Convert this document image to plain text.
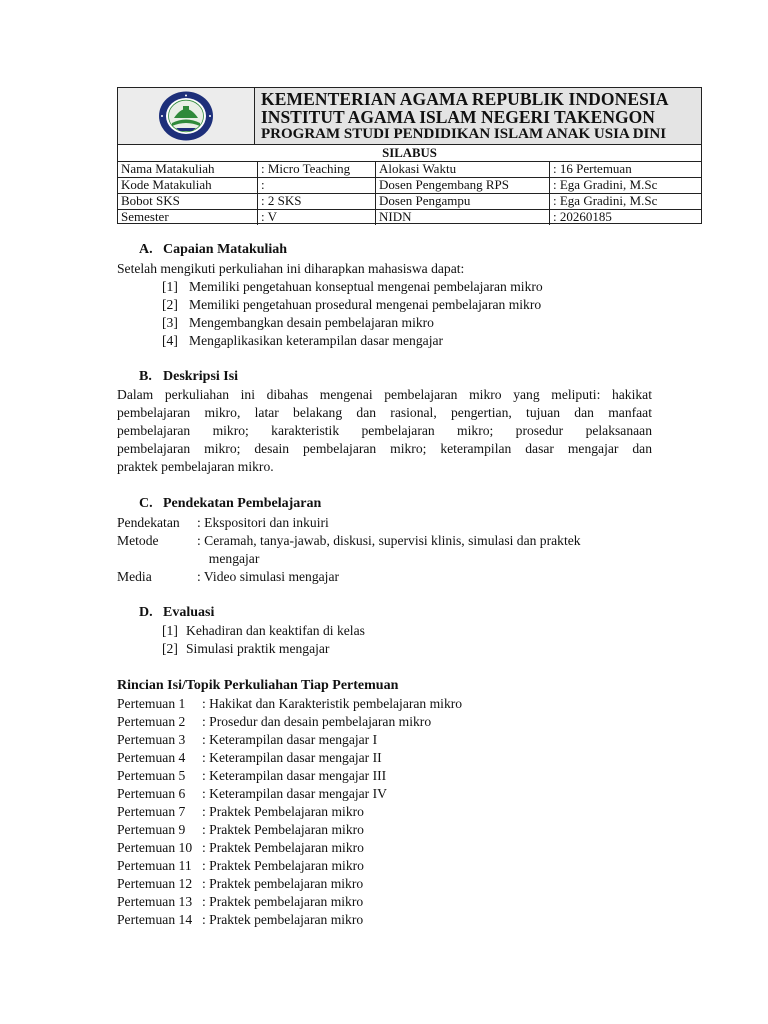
KEMENTERIAN AGAMA REPUBLIK INDONESIA
INSTITUT AGAMA ISLAM NEGERI TAKENGON
PROGRAM STUDI PENDIDIKAN ISLAM ANAK USIA DINI
SILABUS
Nama Matakuliah	: Micro Teaching	Alokasi Waktu	: 16 Pertemuan
Kode Matakuliah	:	Dosen Pengembang RPS	: Ega Gradini, M.Sc
Bobot SKS	: 2 SKS	Dosen Pengampu	: Ega Gradini, M.Sc
Semester	: V	NIDN	: 20260185
A. Capaian Matakuliah
Setelah mengikuti perkuliahan ini diharapkan mahasiswa dapat:
[1] Memiliki pengetahuan konseptual mengenai pembelajaran mikro
[2] Memiliki pengetahuan prosedural mengenai pembelajaran mikro
[3] Mengembangkan desain pembelajaran mikro
[4] Mengaplikasikan keterampilan dasar mengajar
B. Deskripsi Isi
Dalam perkuliahan ini dibahas mengenai pembelajaran mikro yang meliputi: hakikat
pembelajaran mikro, latar belakang dan rasional, pengertian, tujuan dan manfaat
pembelajaran mikro; karakteristik pembelajaran mikro; prosedur pelaksanaan
pembelajaran mikro; desain pembelajaran mikro; keterampilan dasar mengajar dan
praktek pembelajaran mikro.
C. Pendekatan Pembelajaran
Pendekatan : Ekspositori dan inkuiri
Metode	: Ceramah, tanya-jawab, diskusi, supervisi klinis, simulasi dan praktek
mengajar
Media	: Video simulasi mengajar
D. Evaluasi
[1] Kehadiran dan keaktifan di kelas
[2] Simulasi praktik mengajar
Rincian Isi/Topik Perkuliahan Tiap Pertemuan
Pertemuan 1 : Hakikat dan Karakteristik pembelajaran mikro
Pertemuan 2 : Prosedur dan desain pembelajaran mikro
Pertemuan 3 : Keterampilan dasar mengajar I
Pertemuan 4 : Keterampilan dasar mengajar II
Pertemuan 5 : Keterampilan dasar mengajar III
Pertemuan 6 : Keterampilan dasar mengajar IV
Pertemuan 7 : Praktek Pembelajaran mikro
Pertemuan 9 : Praktek Pembelajaran mikro
Pertemuan 10 : Praktek Pembelajaran mikro
Pertemuan 11 : Praktek Pembelajaran mikro
Pertemuan 12 : Praktek pembelajaran mikro
Pertemuan 13 : Praktek pembelajaran mikro
Pertemuan 14 : Praktek pembelajaran mikro
